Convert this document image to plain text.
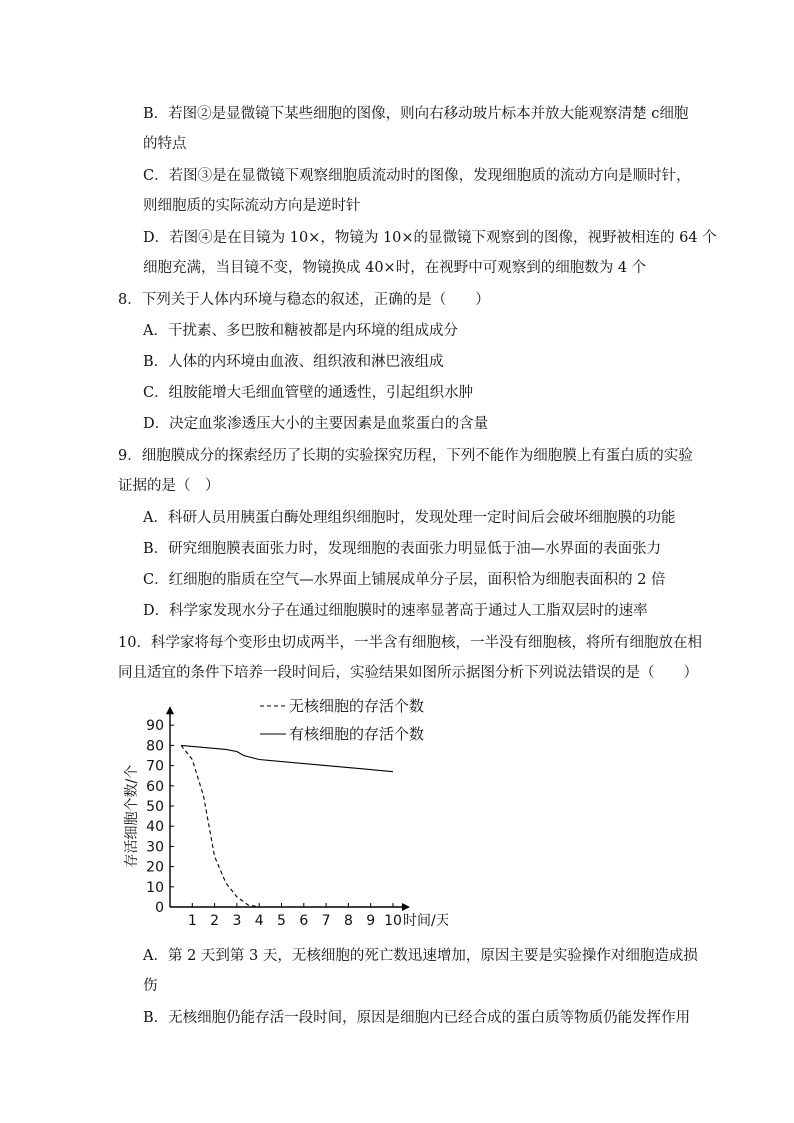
B．若图②是显微镜下某些细胞的图像，则向右移动玻片标本并放大能观察清楚 c细胞
的特点
C．若图③是在显微镜下观察细胞质流动时的图像，发现细胞质的流动方向是顺时针，
则细胞质的实际流动方向是逆时针
D．若图④是在目镜为 10×，物镜为 10×的显微镜下观察到的图像，视野被相连的 64 个
细胞充满，当目镜不变，物镜换成 40×时，在视野中可观察到的细胞数为 4 个
8．下列关于人体内环境与稳态的叙述，正确的是（　　）
A．干扰素、多巴胺和糖被都是内环境的组成成分
B．人体的内环境由血液、组织液和淋巴液组成
C．组胺能增大毛细血管壁的通透性，引起组织水肿
D．决定血浆渗透压大小的主要因素是血浆蛋白的含量
9．细胞膜成分的探索经历了长期的实验探究历程，下列不能作为细胞膜上有蛋白质的实验
证据的是（　）
A．科研人员用胰蛋白酶处理组织细胞时，发现处理一定时间后会破坏细胞膜的功能
B．研究细胞膜表面张力时，发现细胞的表面张力明显低于油—水界面的表面张力
C．红细胞的脂质在空气—水界面上铺展成单分子层，面积恰为细胞表面积的 2 倍
D．科学家发现水分子在通过细胞膜时的速率显著高于通过人工脂双层时的速率
10．科学家将每个变形虫切成两半，一半含有细胞核，一半没有细胞核，将所有细胞放在相
同且适宜的条件下培养一段时间后，实验结果如图所示据图分析下列说法错误的是（　　）
0
10
20
30
40
50
60
70
80
90
1 2 3 4 5 6 7 8 9 10 时间/天
存活细胞个数/个
无核细胞的存活个数
有核细胞的存活个数
A．第 2 天到第 3 天，无核细胞的死亡数迅速增加，原因主要是实验操作对细胞造成损
伤
B．无核细胞仍能存活一段时间，原因是细胞内已经合成的蛋白质等物质仍能发挥作用
